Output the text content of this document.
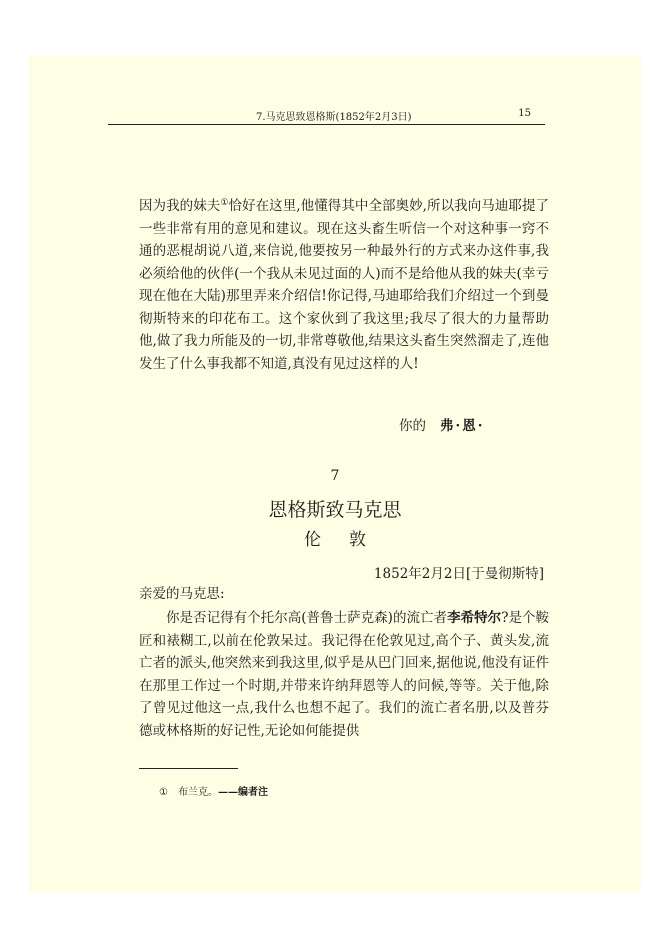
7.马克思致恩格斯(1852年2月3日)	15

因为我的妹夫①恰好在这里,他懂得其中全部奥妙,所以我向马迪耶提了一些非常有用的意见和建议。现在这头畜生听信一个对这种事一窍不通的恶棍胡说八道,来信说,他要按另一种最外行的方式来办这件事,我必须给他的伙伴(一个我从未见过面的人)而不是给他从我的妹夫(幸亏现在他在大陆)那里弄来介绍信!你记得,马迪耶给我们介绍过一个到曼彻斯特来的印花布工。这个家伙到了我这里;我尽了很大的力量帮助他,做了我力所能及的一切,非常尊敬他,结果这头畜生突然溜走了,连他发生了什么事我都不知道,真没有见过这样的人!

你的 弗·恩·
7
恩格斯致马克思
伦敦
1852年2月2日[于曼彻斯特]
亲爱的马克思:

你是否记得有个托尔高(普鲁士萨克森)的流亡者李希特尔?是个鞍匠和裱糊工,以前在伦敦呆过。我记得在伦敦见过,高个子、黄头发,流亡者的派头,他突然来到我这里,似乎是从巴门回来,据他说,他没有证件在那里工作过一个时期,并带来许纳拜恩等人的问候,等等。关于他,除了曾见过他这一点,我什么也想不起了。我们的流亡者名册,以及普芬德或林格斯的好记性,无论如何能提供

① 布兰克。——编者注
